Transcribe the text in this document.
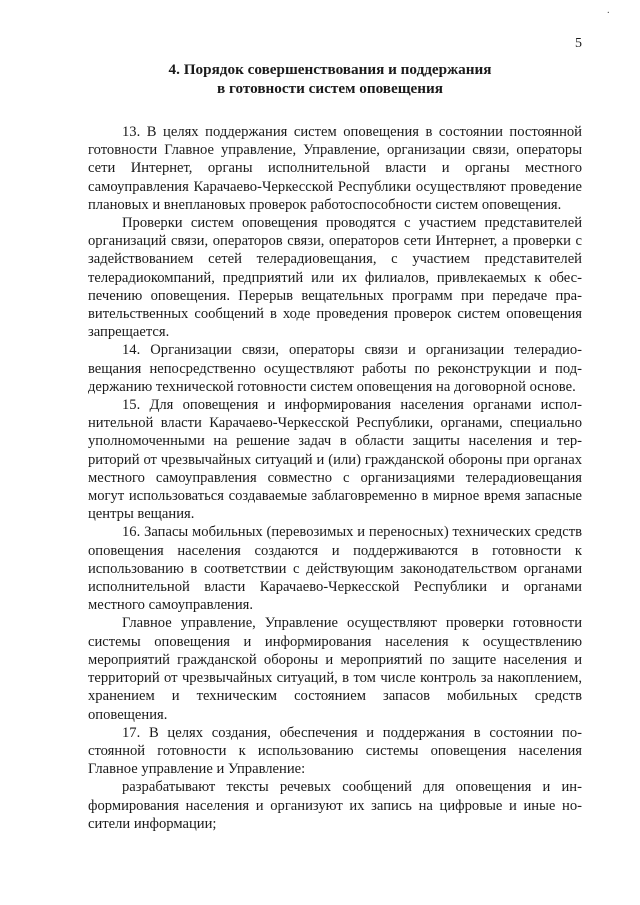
·
5
4. Порядок совершенствования и поддержания
в готовности систем оповещения

13. В целях поддержания систем оповещения в состоянии постоянной готовности Главное управление, Управление, организации связи, операторы сети Интернет, органы исполнительной власти и органы местного самоуправления Карачаево-Черкесской Республики осуществляют проведение плановых и внеплановых проверок работоспособности систем оповещения.

Проверки систем оповещения проводятся с участием представителей организаций связи, операторов связи, операторов сети Интернет, а проверки с задействованием сетей телерадиовещания, с участием представителей телерадиокомпаний, предприятий или их филиалов, привлекаемых к обеспечению оповещения. Перерыв вещательных программ при передаче правительственных сообщений в ходе проведения проверок систем оповещения запрещается.

14. Организации связи, операторы связи и организации телерадиовещания непосредственно осуществляют работы по реконструкции и поддержанию технической готовности систем оповещения на договорной основе.

15. Для оповещения и информирования населения органами исполнительной власти Карачаево-Черкесской Республики, органами, специально уполномоченными на решение задач в области защиты населения и территорий от чрезвычайных ситуаций и (или) гражданской обороны при органах местного самоуправления совместно с организациями телерадиовещания могут использоваться создаваемые заблаговременно в мирное время запасные центры вещания.

16. Запасы мобильных (перевозимых и переносных) технических средств оповещения населения создаются и поддерживаются в готовности к использованию в соответствии с действующим законодательством органами исполнительной власти Карачаево-Черкесской Республики и органами местного самоуправления.

Главное управление, Управление осуществляют проверки готовности системы оповещения и информирования населения к осуществлению мероприятий гражданской обороны и мероприятий по защите населения и территорий от чрезвычайных ситуаций, в том числе контроль за накоплением, хранением и техническим состоянием запасов мобильных средств оповещения.

17. В целях создания, обеспечения и поддержания в состоянии постоянной готовности к использованию системы оповещения населения Главное управление и Управление:

разрабатывают тексты речевых сообщений для оповещения и информирования населения и организуют их запись на цифровые и иные носители информации;
